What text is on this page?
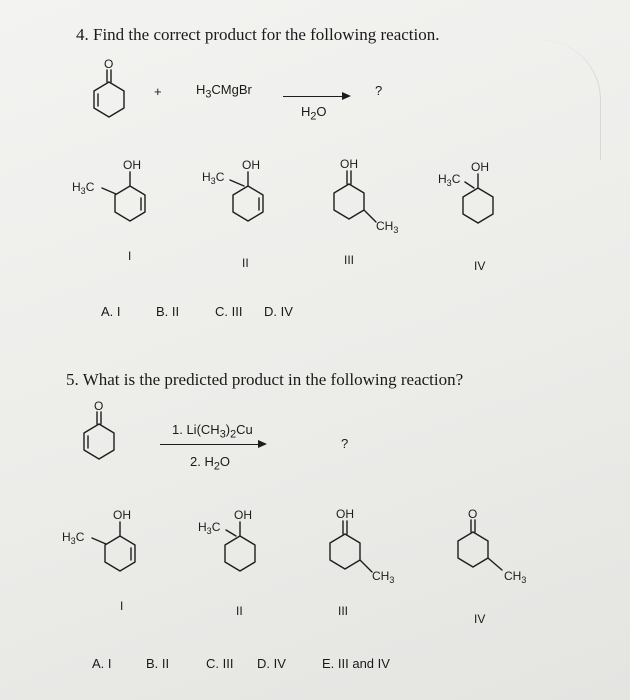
4. Find the correct product for the following reaction.
O
+	$H_3CMgBr$
$H_2O$
?
OH
$H_3C$
I
OH
$H_3C$
II
OH
$CH_3$
III
OH
$H_3C$
IV
A. I	B. II	C. III D. IV
5. What is the predicted product in the following reaction?
O
1. $Li(CH_3)_2Cu$
2. $H_2O$
?
OH
$H_3C$
I
OH
$H_3C$
II
OH
$CH_3$
III
O
$CH_3$
IV
A. I	B. II	C. III D. IV	E. III and IV
